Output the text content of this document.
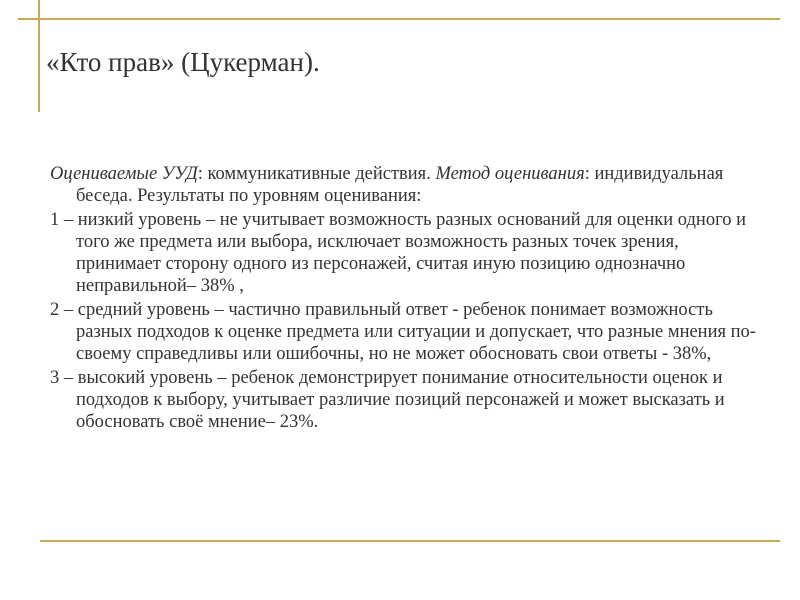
«Кто прав» (Цукерман).

Оцениваемые УУД: коммуникативные действия. Метод оценивания: индивидуальная беседа. Результаты по уровням оценивания:

1 – низкий уровень – не учитывает возможность разных оснований для оценки одного и того же предмета или выбора, исключает возможность разных точек зрения, принимает сторону одного из персонажей, считая иную позицию однозначно неправильной– 38% ,

2 – средний уровень – частично правильный ответ - ребенок понимает возможность разных подходов к оценке предмета или ситуации и допускает, что разные мнения по-своему справедливы или ошибочны, но не может обосновать свои ответы - 38%,

3 – высокий уровень – ребенок демонстрирует понимание относительности оценок и подходов к выбору, учитывает различие позиций персонажей и может высказать и обосновать своё мнение– 23%.
